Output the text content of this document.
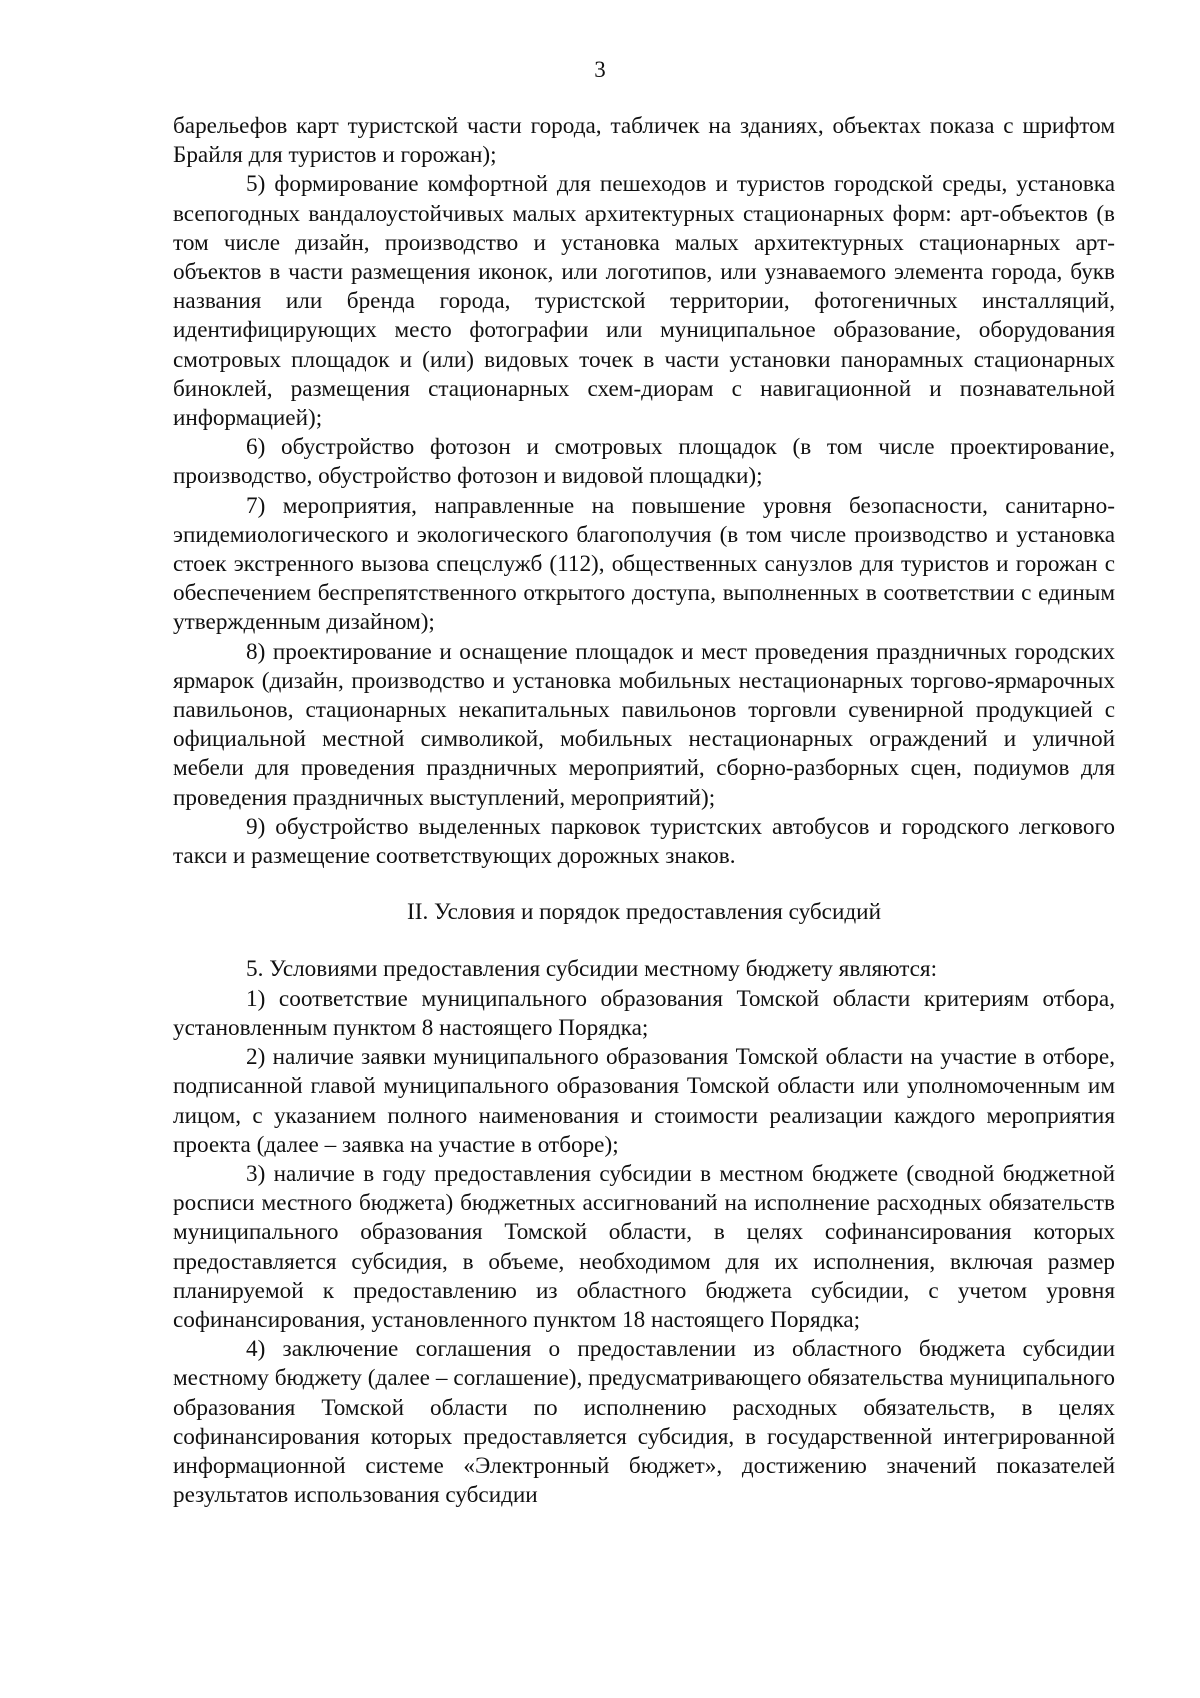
3

барельефов карт туристской части города, табличек на зданиях, объектах показа с шрифтом Брайля для туристов и горожан);

5) формирование комфортной для пешеходов и туристов городской среды, установка всепогодных вандалоустойчивых малых архитектурных стационарных форм: арт-объектов (в том числе дизайн, производство и установка малых архитектурных стационарных арт-объектов в части размещения иконок, или логотипов, или узнаваемого элемента города, букв названия или бренда города, туристской территории, фотогеничных инсталляций, идентифицирующих место фотографии или муниципальное образование, оборудования смотровых площадок и (или) видовых точек в части установки панорамных стационарных биноклей, размещения стационарных схем-диорам с навигационной и познавательной информацией);

6) обустройство фотозон и смотровых площадок (в том числе проектирование, производство, обустройство фотозон и видовой площадки);

7) мероприятия, направленные на повышение уровня безопасности, санитарно-эпидемиологического и экологического благополучия (в том числе производство и установка стоек экстренного вызова спецслужб (112), общественных санузлов для туристов и горожан с обеспечением беспрепятственного открытого доступа, выполненных в соответствии с единым утвержденным дизайном);

8) проектирование и оснащение площадок и мест проведения праздничных городских ярмарок (дизайн, производство и установка мобильных нестационарных торгово-ярмарочных павильонов, стационарных некапитальных павильонов торговли сувенирной продукцией с официальной местной символикой, мобильных нестационарных ограждений и уличной мебели для проведения праздничных мероприятий, сборно-разборных сцен, подиумов для проведения праздничных выступлений, мероприятий);

9) обустройство выделенных парковок туристских автобусов и городского легкового такси и размещение соответствующих дорожных знаков.

II. Условия и порядок предоставления субсидий

5. Условиями предоставления субсидии местному бюджету являются:

1) соответствие муниципального образования Томской области критериям отбора, установленным пунктом 8 настоящего Порядка;

2) наличие заявки муниципального образования Томской области на участие в отборе, подписанной главой муниципального образования Томской области или уполномоченным им лицом, с указанием полного наименования и стоимости реализации каждого мероприятия проекта (далее – заявка на участие в отборе);

3) наличие в году предоставления субсидии в местном бюджете (сводной бюджетной росписи местного бюджета) бюджетных ассигнований на исполнение расходных обязательств муниципального образования Томской области, в целях софинансирования которых предоставляется субсидия, в объеме, необходимом для их исполнения, включая размер планируемой к предоставлению из областного бюджета субсидии, с учетом уровня софинансирования, установленного пунктом 18 настоящего Порядка;

4) заключение соглашения о предоставлении из областного бюджета субсидии местному бюджету (далее – соглашение), предусматривающего обязательства муниципального образования Томской области по исполнению расходных обязательств, в целях софинансирования которых предоставляется субсидия, в государственной интегрированной информационной системе «Электронный бюджет», достижению значений показателей результатов использования субсидии
